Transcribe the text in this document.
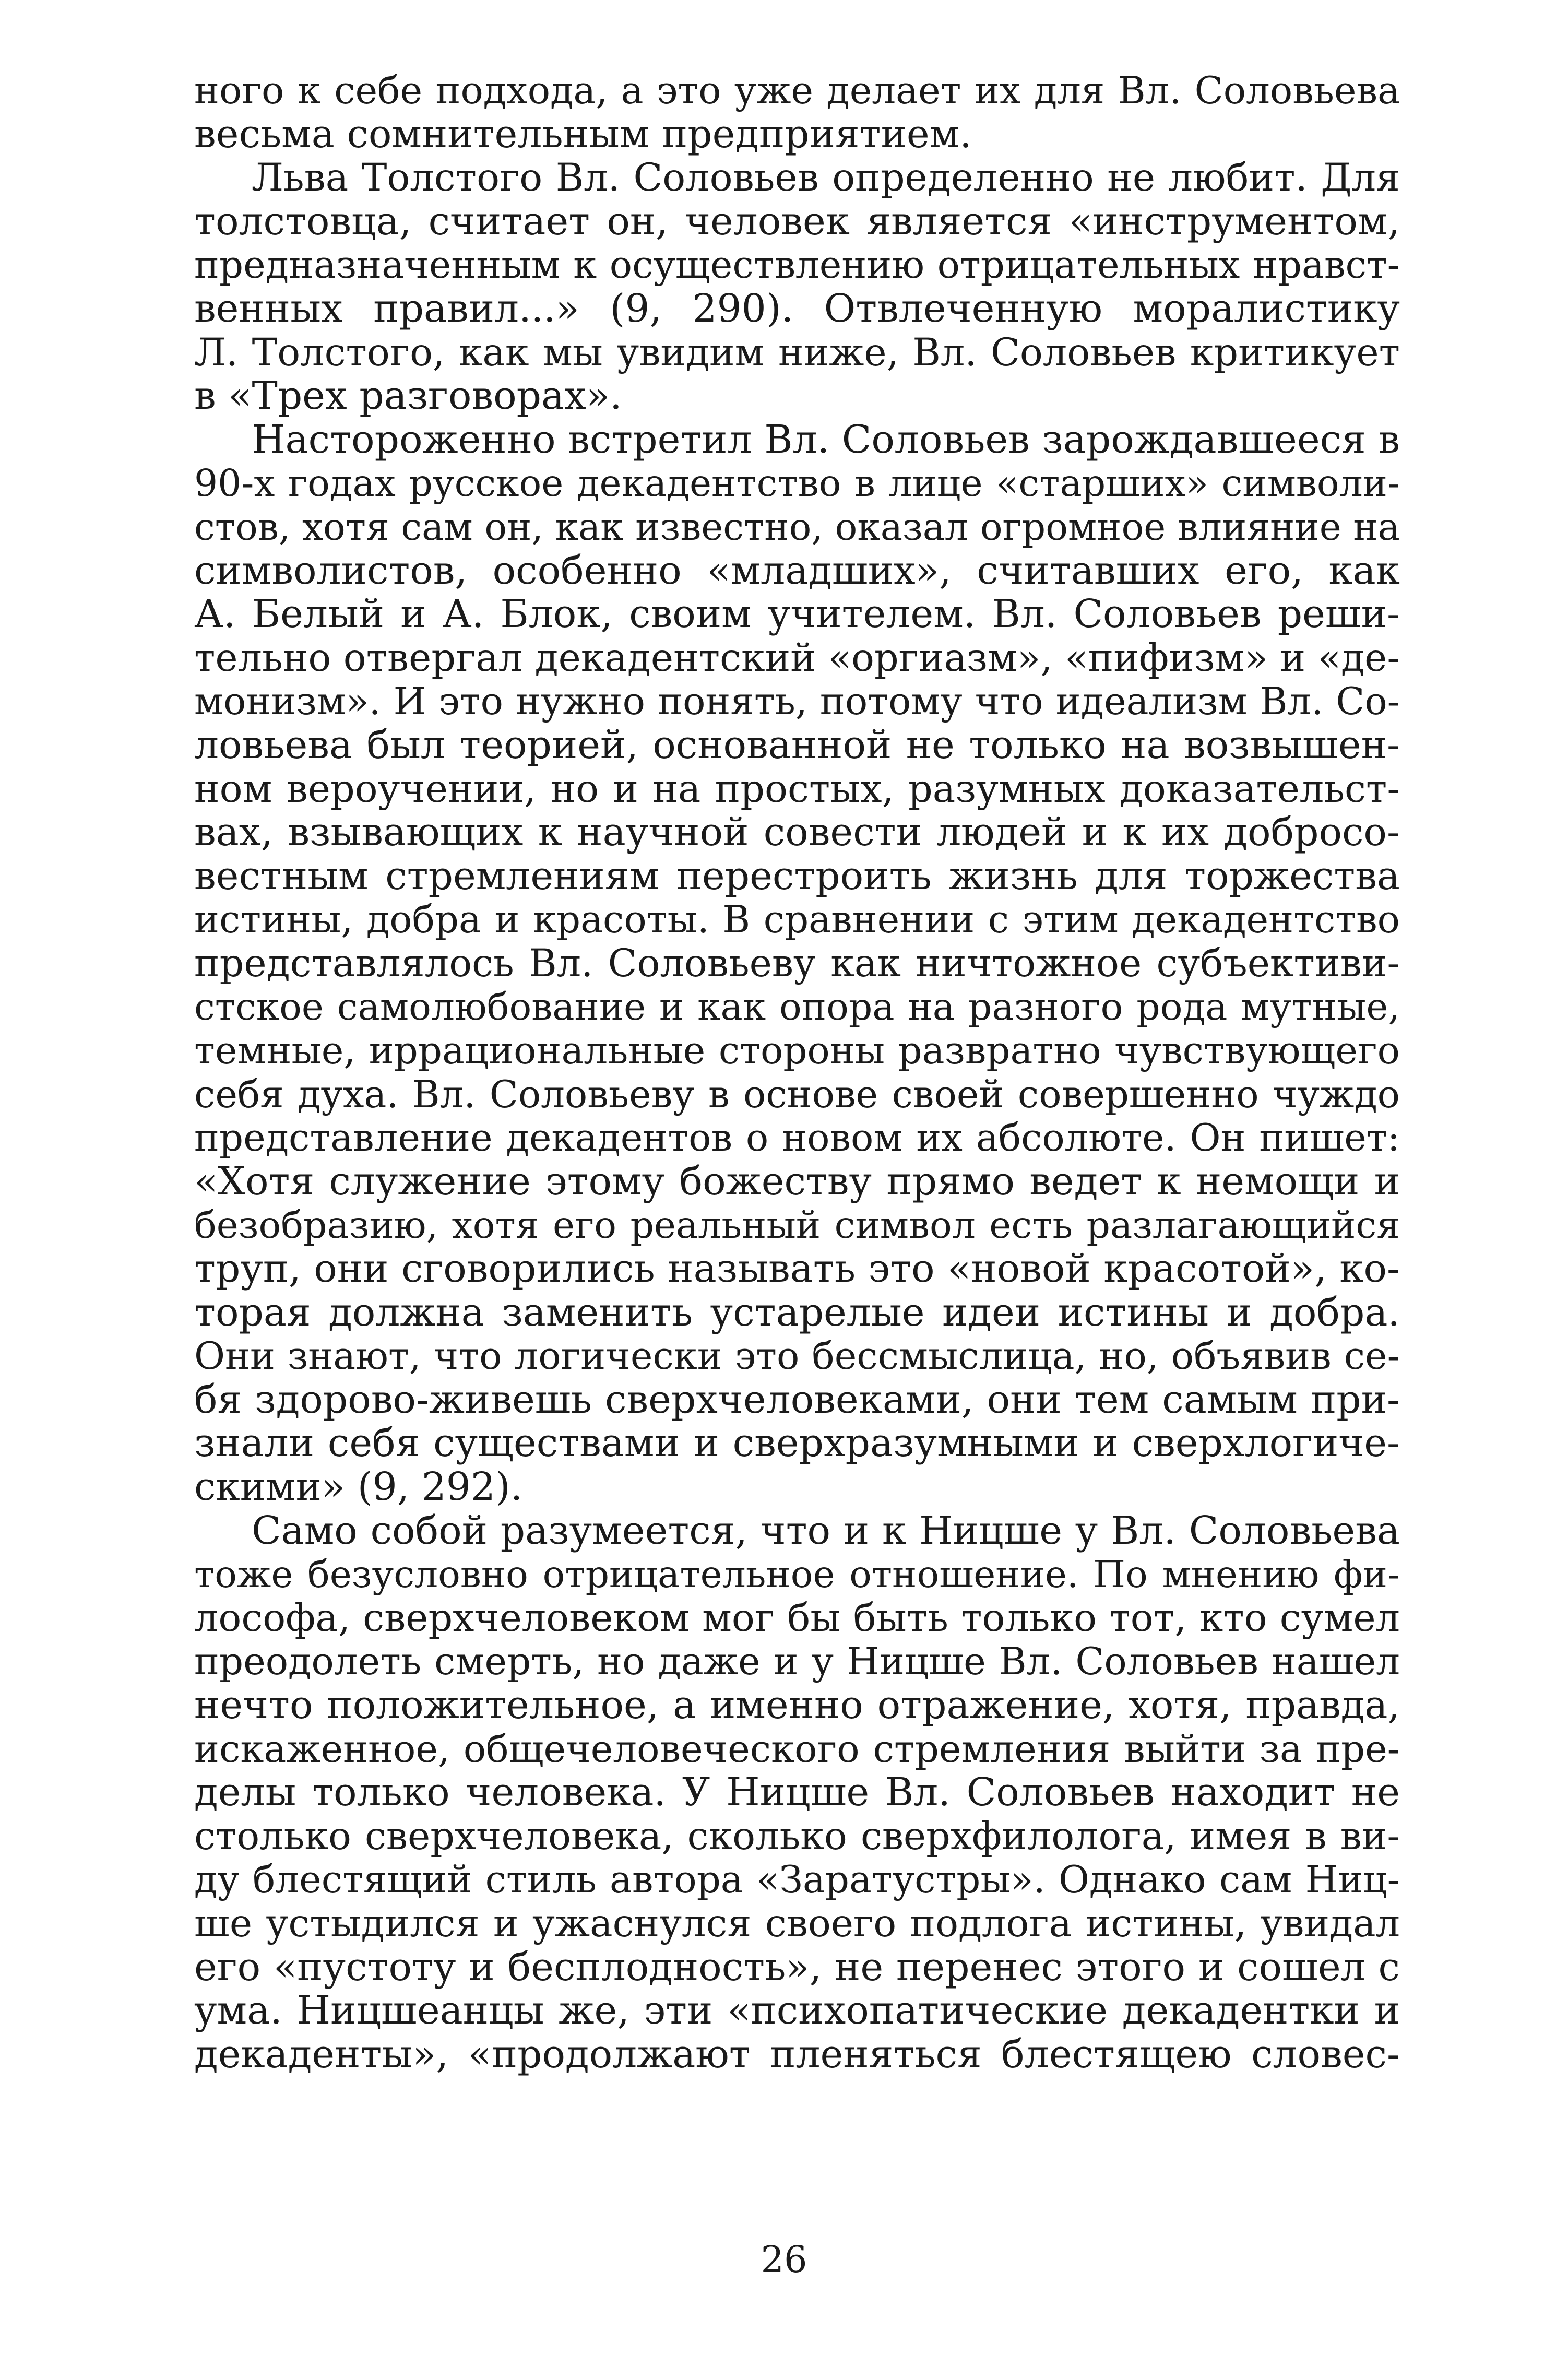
ного к себе подхода, а это уже делает их для Вл. Соловьева
весьма сомнительным предприятием.
Льва Толстого Вл. Соловьев определенно не любит. Для
толстовца, считает он, человек является «инструментом,
предназначенным к осуществлению отрицательных нравст-
венных правил...» (9, 290). Отвлеченную моралистику
Л. Толстого, как мы увидим ниже, Вл. Соловьев критикует
в «Трех разговорах».
Настороженно встретил Вл. Соловьев зарождавшееся в
90-х годах русское декадентство в лице «старших» символи-
стов, хотя сам он, как известно, оказал огромное влияние на
символистов, особенно «младших», считавших его, как
А. Белый и А. Блок, своим учителем. Вл. Соловьев реши-
тельно отвергал декадентский «оргиазм», «пифизм» и «де-
монизм». И это нужно понять, потому что идеализм Вл. Со-
ловьева был теорией, основанной не только на возвышен-
ном вероучении, но и на простых, разумных доказательст-
вах, взывающих к научной совести людей и к их добросо-
вестным стремлениям перестроить жизнь для торжества
истины, добра и красоты. В сравнении с этим декадентство
представлялось Вл. Соловьеву как ничтожное субъективи-
стское самолюбование и как опора на разного рода мутные,
темные, иррациональные стороны развратно чувствующего
себя духа. Вл. Соловьеву в основе своей совершенно чуждо
представление декадентов о новом их абсолюте. Он пишет:
«Хотя служение этому божеству прямо ведет к немощи и
безобразию, хотя его реальный символ есть разлагающийся
труп, они сговорились называть это «новой красотой», ко-
торая должна заменить устарелые идеи истины и добра.
Они знают, что логически это бессмыслица, но, объявив се-
бя здорово-живешь сверхчеловеками, они тем самым при-
знали себя существами и сверхразумными и сверхлогиче-
скими» (9, 292).
Само собой разумеется, что и к Ницше у Вл. Соловьева
тоже безусловно отрицательное отношение. По мнению фи-
лософа, сверхчеловеком мог бы быть только тот, кто сумел
преодолеть смерть, но даже и у Ницше Вл. Соловьев нашел
нечто положительное, а именно отражение, хотя, правда,
искаженное, общечеловеческого стремления выйти за пре-
делы только человека. У Ницше Вл. Соловьев находит не
столько сверхчеловека, сколько сверхфилолога, имея в ви-
ду блестящий стиль автора «Заратустры». Однако сам Ниц-
ше устыдился и ужаснулся своего подлога истины, увидал
его «пустоту и бесплодность», не перенес этого и сошел с
ума. Ницшеанцы же, эти «психопатические декадентки и
декаденты», «продолжают пленяться блестящею словес-
26
